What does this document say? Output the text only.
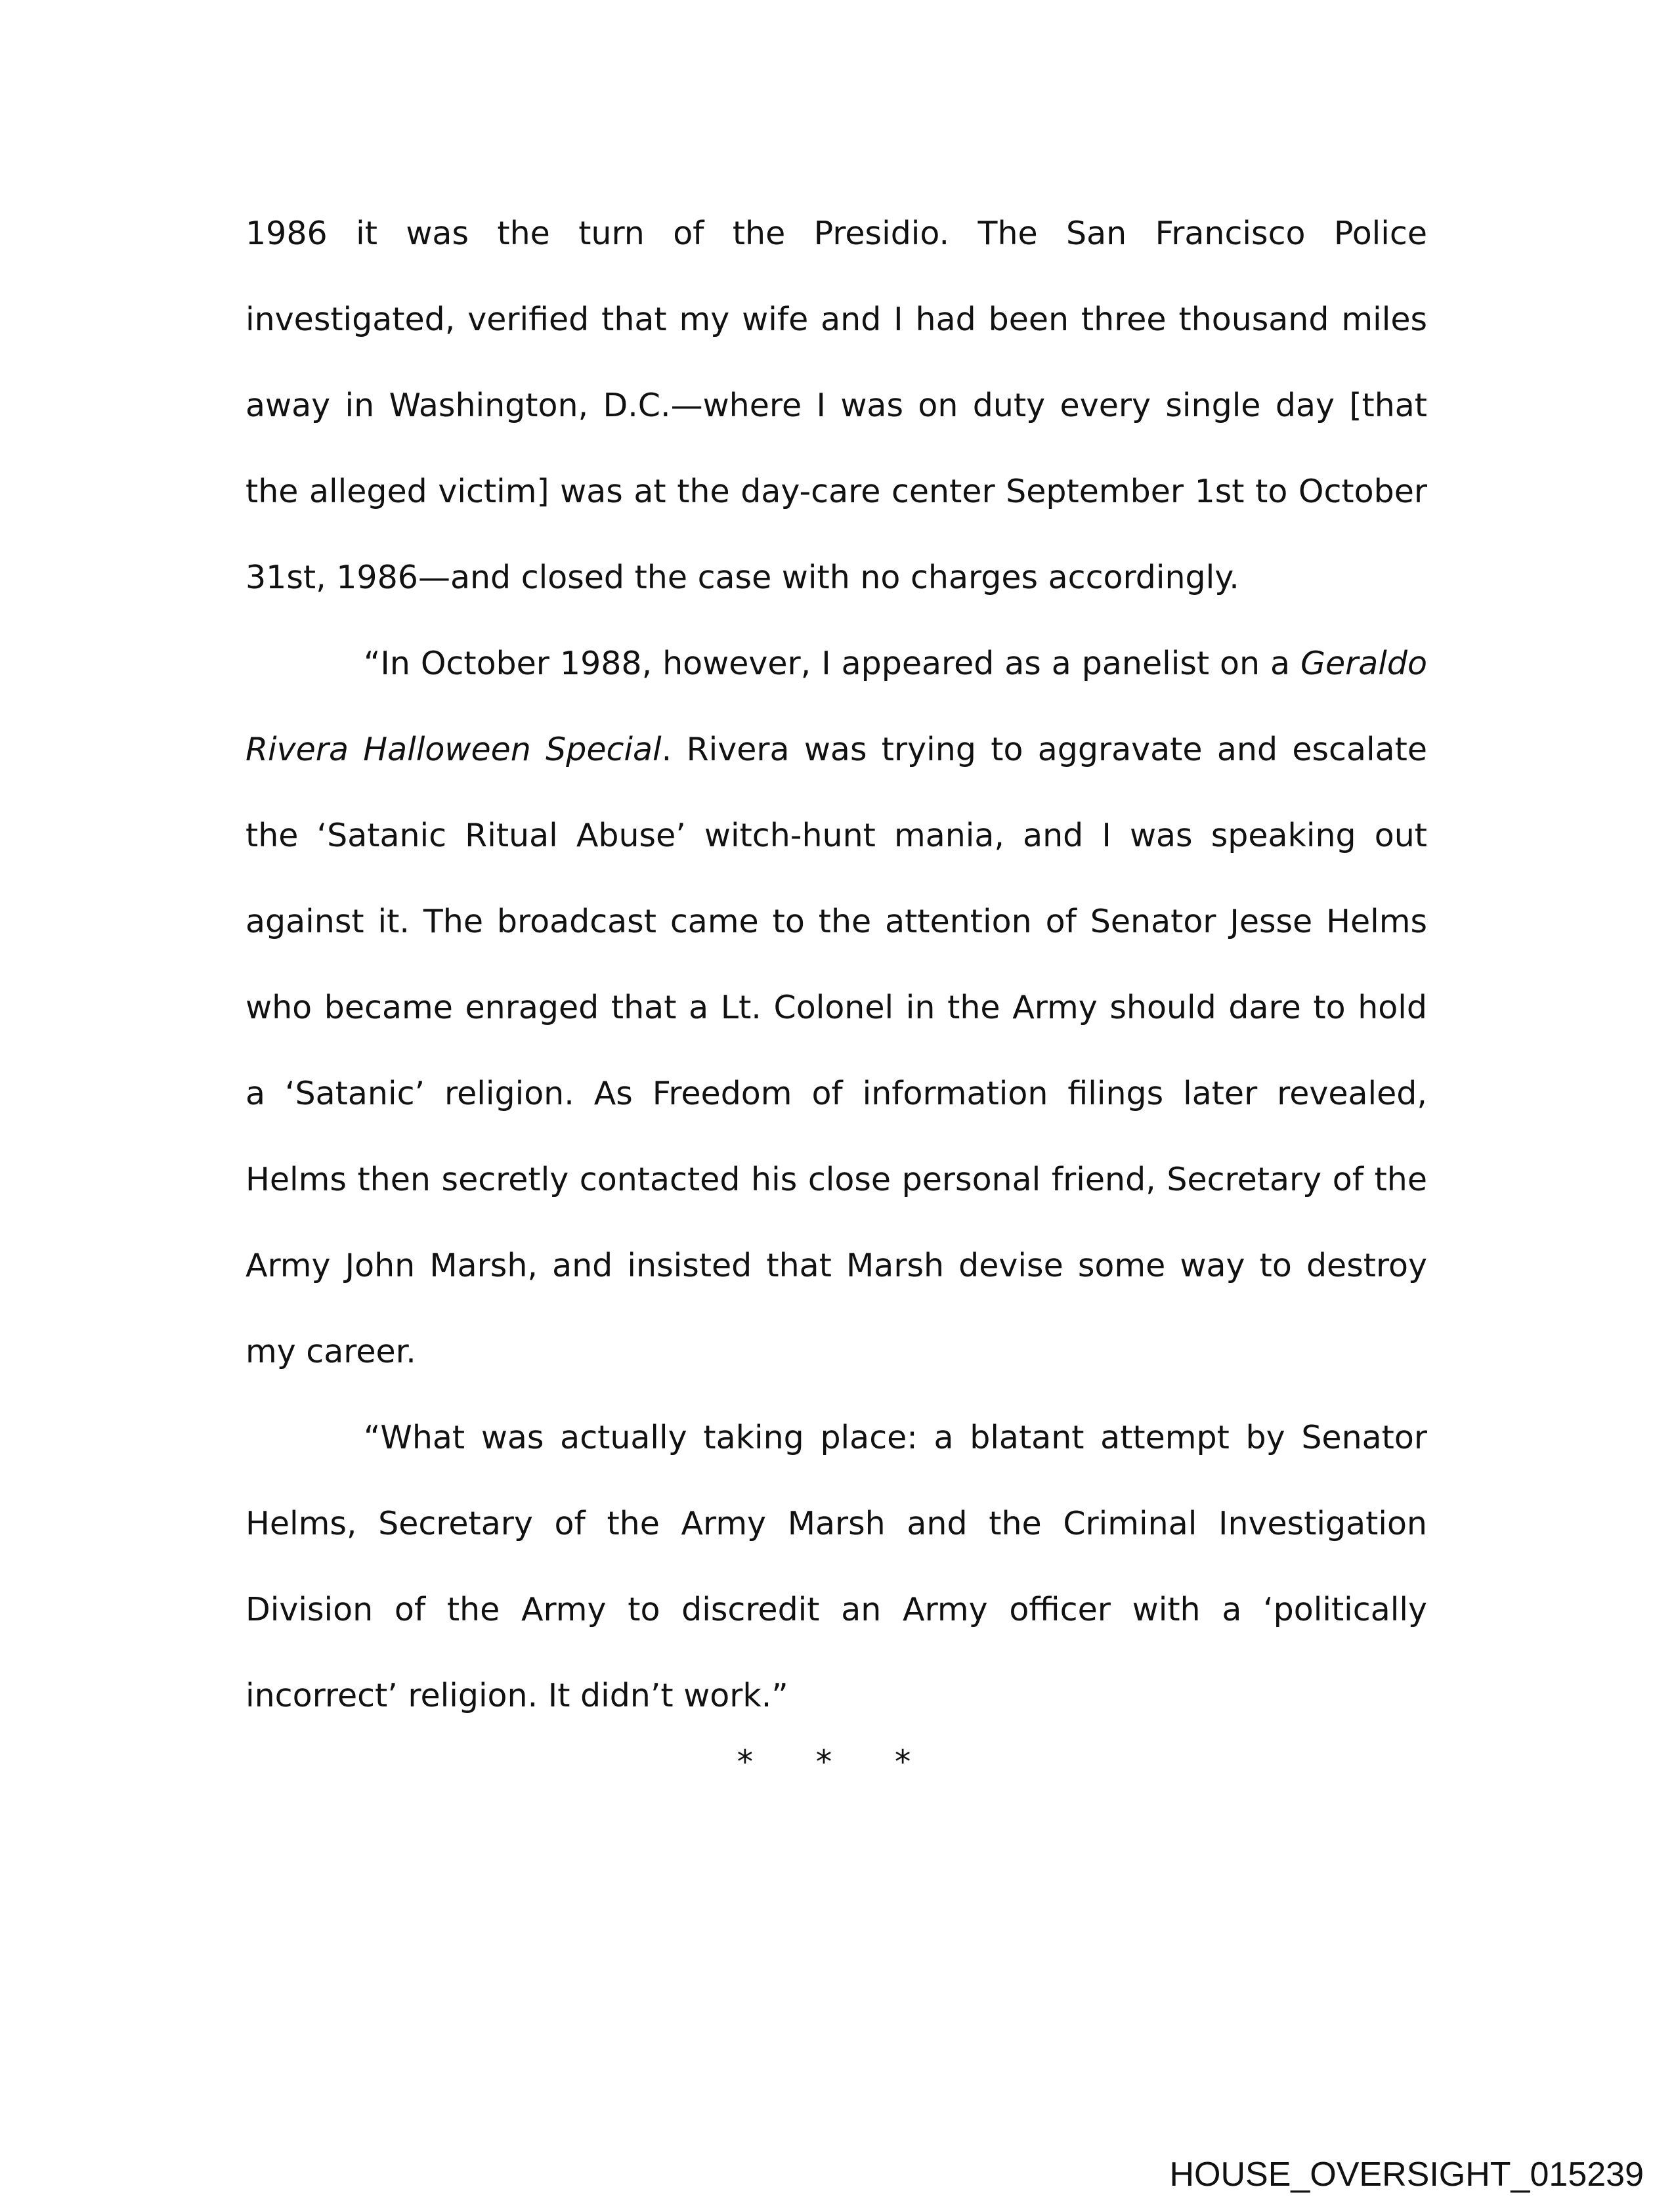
1986 it was the turn of the Presidio. The San Francisco Police investigated, verified that my wife and I had been three thousand miles away in Washington, D.C.—where I was on duty every single day [that the alleged victim] was at the day-care center September 1st to October 31st, 1986—and closed the case with no charges accordingly.

“In October 1988, however, I appeared as a panelist on a Geraldo Rivera Halloween Special. Rivera was trying to aggravate and escalate the ‘Satanic Ritual Abuse’ witch-hunt mania, and I was speaking out against it. The broadcast came to the attention of Senator Jesse Helms who became enraged that a Lt. Colonel in the Army should dare to hold a ‘Satanic’ religion. As Freedom of information filings later revealed, Helms then secretly contacted his close personal friend, Secretary of the Army John Marsh, and insisted that Marsh devise some way to destroy my career.

“What was actually taking place: a blatant attempt by Senator Helms, Secretary of the Army Marsh and the Criminal Investigation Division of the Army to discredit an Army officer with a ‘politically incorrect’ religion. It didn’t work.”

* * *
HOUSE_OVERSIGHT_015239
